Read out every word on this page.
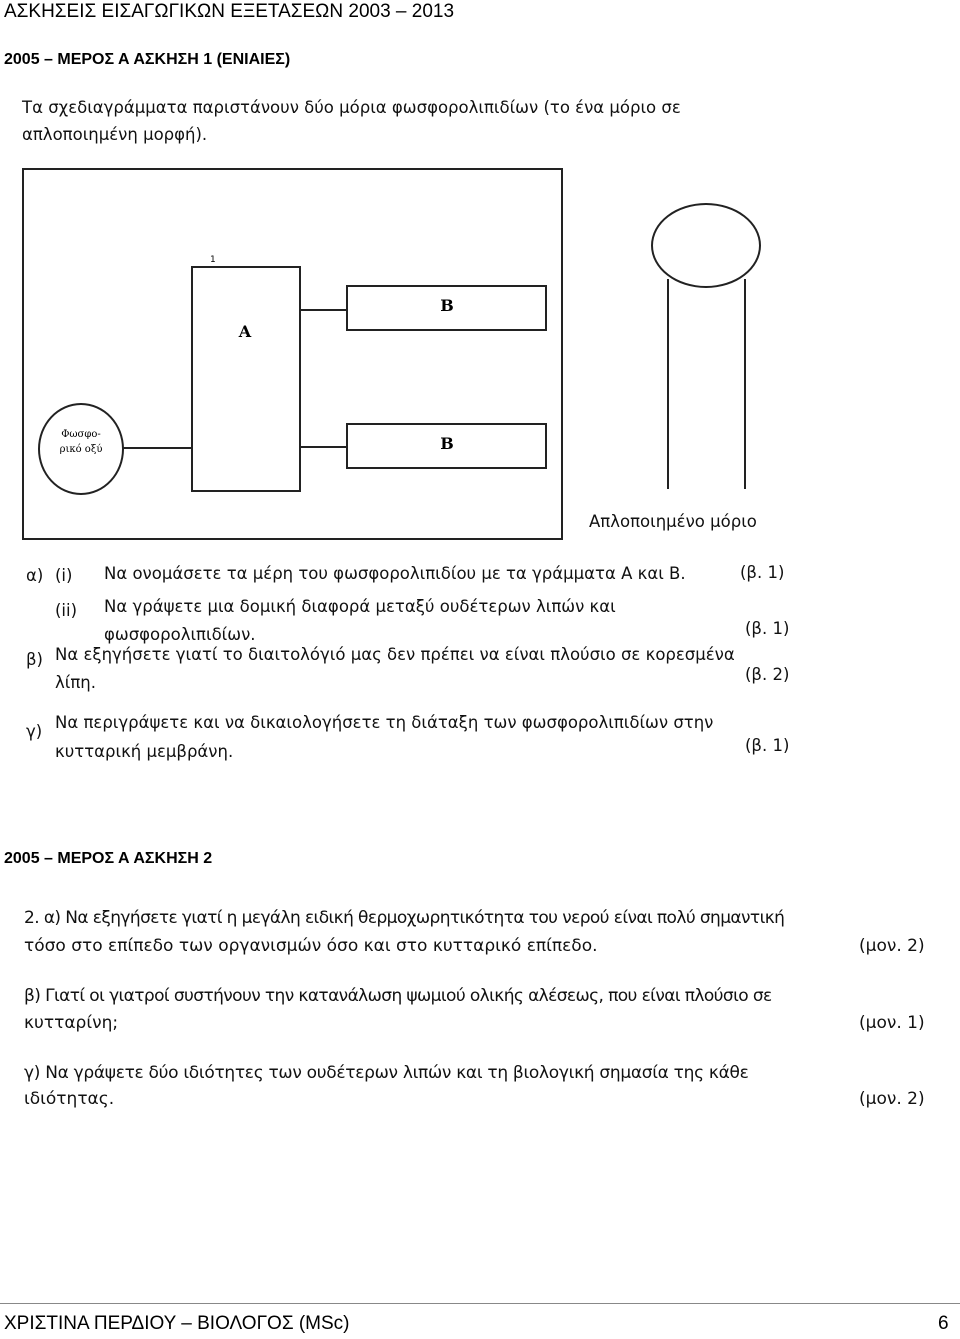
ΑΣΚΗΣΕΙΣ ΕΙΣΑΓΩΓΙΚΩΝ ΕΞΕΤΑΣΕΩΝ 2003 – 2013
2005 – ΜΕΡΟΣ Α ΑΣΚΗΣΗ 1 (ΕΝΙΑΙΕΣ)
Τα σχεδιαγράμματα παριστάνουν δύο μόρια φωσφορολιπιδίων (το ένα μόριο σε
απλοποιημένη μορφή).
Α
1
Β
Β
Φωσφο-
ρικό οξύ
Απλοποιημένο μόριο
α) (i) Να ονομάσετε τα μέρη του φωσφορολιπιδίου με τα γράμματα Α και Β.	(β. 1)
(ii) Να γράψετε μια δομική διαφορά μεταξύ ουδέτερων λιπών και
φωσφορολιπιδίων.	(β. 1)
β) Να εξηγήσετε γιατί το διαιτολόγιό μας δεν πρέπει να είναι πλούσιο σε κορεσμένα
λίπη.	(β. 2)
γ) Να περιγράψετε και να δικαιολογήσετε τη διάταξη των φωσφορολιπιδίων στην
κυτταρική μεμβράνη.	(β. 1)
2005 – ΜΕΡΟΣ Α ΑΣΚΗΣΗ 2
2. α) Να εξηγήσετε γιατί η μεγάλη ειδική θερμοχωρητικότητα του νερού είναι πολύ σημαντική
τόσο στο επίπεδο των οργανισμών όσο και στο κυτταρικό επίπεδο.	(μον. 2)
β) Γιατί οι γιατροί συστήνουν την κατανάλωση ψωμιού ολικής αλέσεως, που είναι πλούσιο σε
κυτταρίνη;	(μον. 1)
γ) Να γράψετε δύο ιδιότητες των ουδέτερων λιπών και τη βιολογική σημασία της κάθε
ιδιότητας.	(μον. 2)
ΧΡΙΣΤΙΝΑ ΠΕΡΔΙΟΥ – ΒΙΟΛΟΓΟΣ (MSc)	6
